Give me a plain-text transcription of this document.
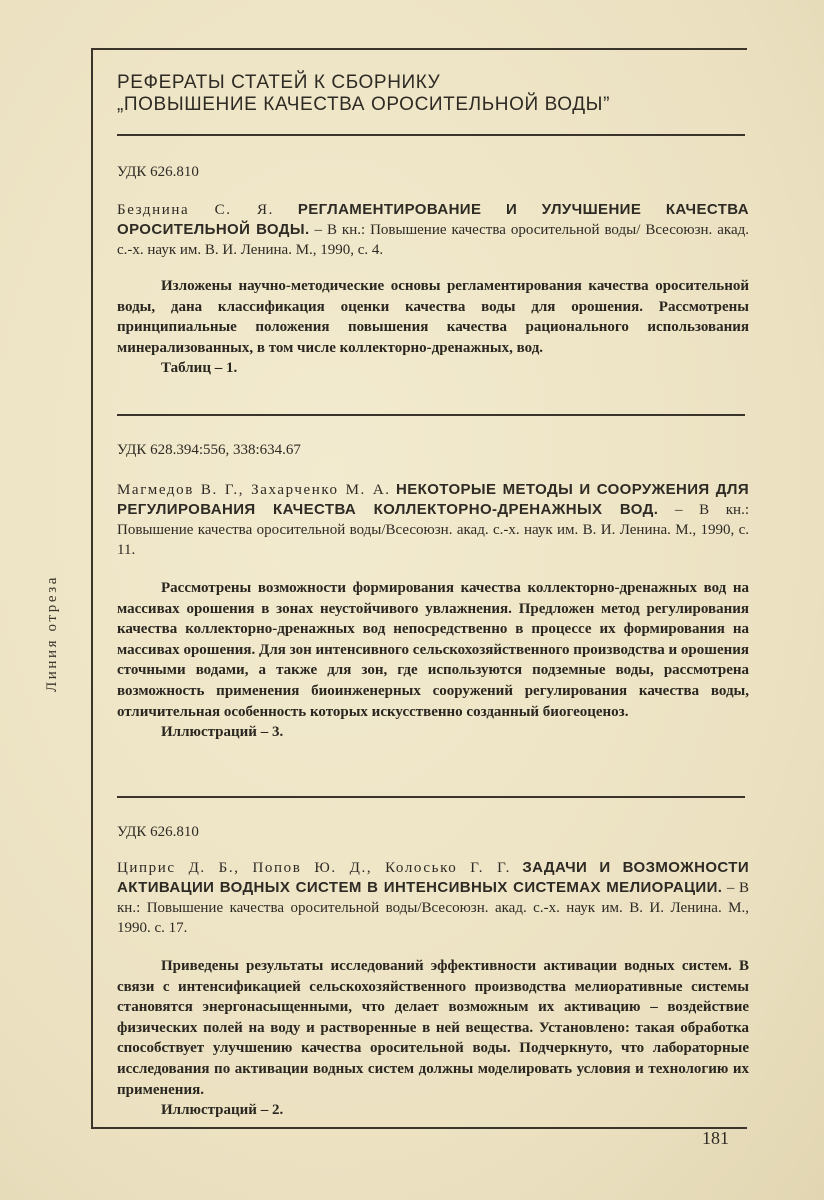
Линия отреза
РЕФЕРАТЫ СТАТЕЙ К СБОРНИКУ
„ПОВЫШЕНИЕ КАЧЕСТВА ОРОСИТЕЛЬНОЙ ВОДЫ”
УДК 626.810
Безднина С. Я. РЕГЛАМЕНТИРОВАНИЕ И УЛУЧШЕНИЕ КАЧЕСТВА ОРОСИТЕЛЬНОЙ ВОДЫ. – В кн.: Повышение качества оросительной воды/ Всесоюзн. акад. с.-х. наук им. В. И. Ленина. М., 1990, с. 4.

Изложены научно-методические основы регламентирования качества оросительной воды, дана классификация оценки качества воды для орошения. Рассмотрены принципиальные положения повышения качества рационального использования минерализованных, в том числе коллекторно-дренажных, вод.

Таблиц – 1.

УДК 628.394:556, 338:634.67
Магмедов В. Г., Захарченко М. А. НЕКОТОРЫЕ МЕТОДЫ И СООРУЖЕНИЯ ДЛЯ РЕГУЛИРОВАНИЯ КАЧЕСТВА КОЛЛЕКТОРНО-ДРЕНАЖНЫХ ВОД. – В кн.: Повышение качества оросительной воды/Всесоюзн. акад. с.-х. наук им. В. И. Ленина. М., 1990, с. 11.

Рассмотрены возможности формирования качества коллекторно-дренажных вод на массивах орошения в зонах неустойчивого увлажнения. Предложен метод регулирования качества коллекторно-дренажных вод непосредственно в процессе их формирования на массивах орошения. Для зон интенсивного сельскохозяйственного производства и орошения сточными водами, а также для зон, где используются подземные воды, рассмотрена возможность применения биоинженерных сооружений регулирования качества воды, отличительная особенность которых искусственно созданный биогеоценоз.

Иллюстраций – 3.

УДК 626.810
Циприс Д. Б., Попов Ю. Д., Колосько Г. Г. ЗАДАЧИ И ВОЗМОЖНОСТИ АКТИВАЦИИ ВОДНЫХ СИСТЕМ В ИНТЕНСИВНЫХ СИСТЕМАХ МЕЛИОРАЦИИ. – В кн.: Повышение качества оросительной воды/Всесоюзн. акад. с.-х. наук им. В. И. Ленина. М., 1990. с. 17.

Приведены результаты исследований эффективности активации водных систем. В связи с интенсификацией сельскохозяйственного производства мелиоративные системы становятся энергонасыщенными, что делает возможным их активацию – воздействие физических полей на воду и растворенные в ней вещества. Установлено: такая обработка способствует улучшению качества оросительной воды. Подчеркнуто, что лабораторные исследования по активации водных систем должны моделировать условия и технологию их применения.

Иллюстраций – 2.

181
